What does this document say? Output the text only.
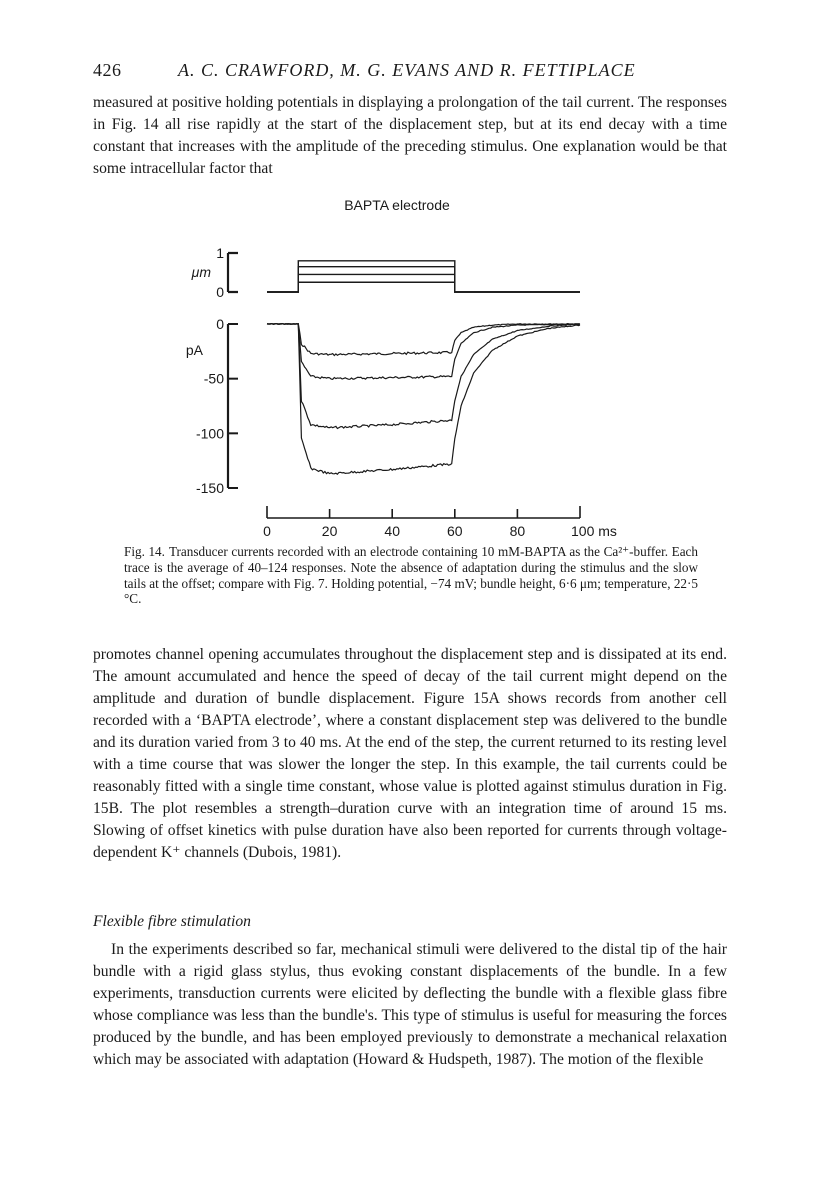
426	A. C. CRAWFORD, M. G. EVANS AND R. FETTIPLACE

measured at positive holding potentials in displaying a prolongation of the tail current. The responses in Fig. 14 all rise rapidly at the start of the displacement step, but at its end decay with a time constant that increases with the amplitude of the preceding stimulus. One explanation would be that some intracellular factor that

BAPTA electrode
1
0
μm
0
-50
-100
-150
pA
0	20	40	60	80	100 ms

Fig. 14. Transducer currents recorded with an electrode containing 10 mM-BAPTA as the Ca²⁺-buffer. Each trace is the average of 40–124 responses. Note the absence of adaptation during the stimulus and the slow tails at the offset; compare with Fig. 7. Holding potential, −74 mV; bundle height, 6·6 μm; temperature, 22·5 °C.

promotes channel opening accumulates throughout the displacement step and is dissipated at its end. The amount accumulated and hence the speed of decay of the tail current might depend on the amplitude and duration of bundle displacement. Figure 15A shows records from another cell recorded with a ‘BAPTA electrode’, where a constant displacement step was delivered to the bundle and its duration varied from 3 to 40 ms. At the end of the step, the current returned to its resting level with a time course that was slower the longer the step. In this example, the tail currents could be reasonably fitted with a single time constant, whose value is plotted against stimulus duration in Fig. 15B. The plot resembles a strength–duration curve with an integration time of around 15 ms. Slowing of offset kinetics with pulse duration have also been reported for currents through voltage-dependent K⁺ channels (Dubois, 1981).

Flexible fibre stimulation

In the experiments described so far, mechanical stimuli were delivered to the distal tip of the hair bundle with a rigid glass stylus, thus evoking constant displacements of the bundle. In a few experiments, transduction currents were elicited by deflecting the bundle with a flexible glass fibre whose compliance was less than the bundle's. This type of stimulus is useful for measuring the forces produced by the bundle, and has been employed previously to demonstrate a mechanical relaxation which may be associated with adaptation (Howard & Hudspeth, 1987). The motion of the flexible
